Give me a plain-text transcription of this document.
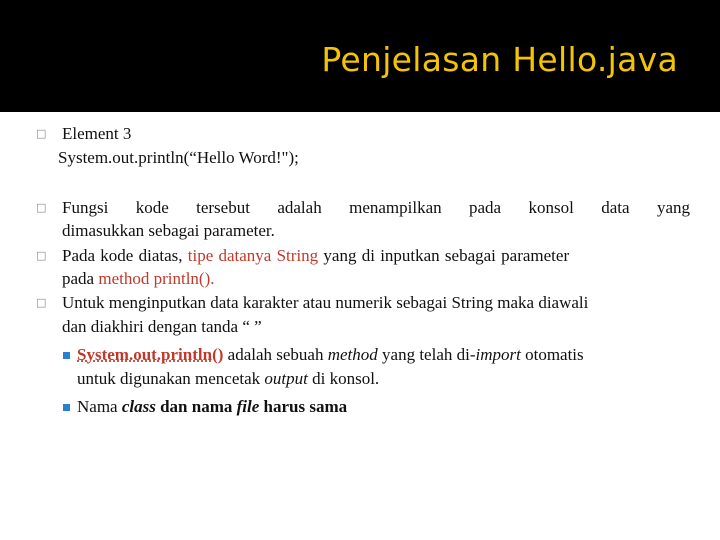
Penjelasan Hello.java
□ Element 3
System.out.println(“Hello Word!");
□ Fungsi kode tersebut adalah menampilkan pada konsol data yang
dimasukkan sebagai parameter.
□ Pada kode diatas, tipe datanya String yang di inputkan sebagai parameter
pada method println().
□ Untuk menginputkan data karakter atau numerik sebagai String maka diawali
dan diakhiri dengan tanda “ ”
System.out.println() adalah sebuah method yang telah di-import otomatis
untuk digunakan mencetak output di konsol.
Nama class dan nama file harus sama
